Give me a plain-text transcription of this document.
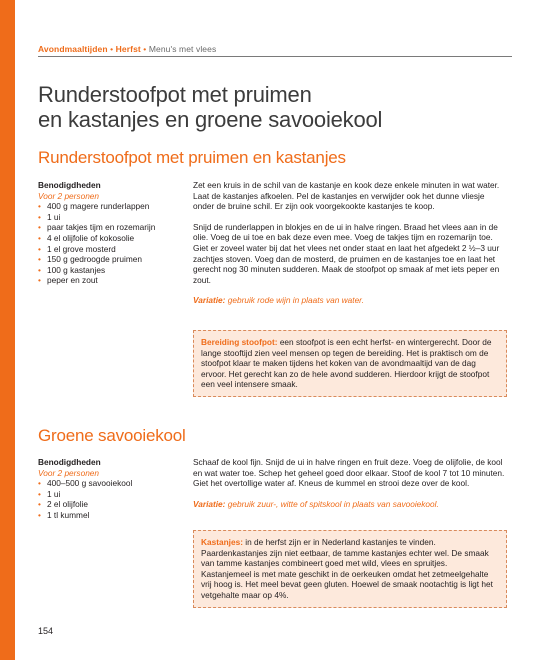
Avondmaaltijden • Herfst • Menu's met vlees
Runderstoofpot met pruimen
en kastanjes en groene savooiekool
Runderstoofpot met pruimen en kastanjes
Benodigdheden
Voor 2 personen
• 400 g magere runderlappen
• 1 ui
• paar takjes tijm en rozemarijn
• 4 el olijfolie of kokosolie
• 1 el grove mosterd
• 150 g gedroogde pruimen
• 100 g kastanjes
• peper en zout

Zet een kruis in de schil van de kastanje en kook deze enkele minuten in wat water. Laat de kastanjes afkoelen. Pel de kastanjes en verwijder ook het dunne vliesje onder de bruine schil. Er zijn ook voorgekookte kastanjes te koop.

Snijd de runderlappen in blokjes en de ui in halve ringen. Braad het vlees aan in de olie. Voeg de ui toe en bak deze even mee. Voeg de takjes tijm en rozemarijn toe. Giet er zoveel water bij dat het vlees net onder staat en laat het afgedekt 2 ½–3 uur zachtjes stoven. Voeg dan de mosterd, de pruimen en de kastanjes toe en laat het gerecht nog 30 minuten sudderen. Maak de stoofpot op smaak af met iets peper en zout.

Variatie: gebruik rode wijn in plaats van water.

Bereiding stoofpot: een stoofpot is een echt herfst- en wintergerecht. Door de lange stooftijd zien veel mensen op tegen de bereiding. Het is praktisch om de stoofpot klaar te maken tijdens het koken van de avondmaaltijd van de dag ervoor. Het gerecht kan zo de hele avond sudderen. Hierdoor krijgt de stoofpot een veel intensere smaak.
Groene savooiekool
Benodigdheden
Voor 2 personen
• 400–500 g savooiekool
• 1 ui
• 2 el olijfolie
• 1 tl kummel

Schaaf de kool fijn. Snijd de ui in halve ringen en fruit deze. Voeg de olijfolie, de kool en wat water toe. Schep het geheel goed door elkaar. Stoof de kool 7 tot 10 minuten. Giet het overtollige water af. Kneus de kummel en strooi deze over de kool.

Variatie: gebruik zuur-, witte of spitskool in plaats van savooiekool.

Kastanjes: in de herfst zijn er in Nederland kastanjes te vinden. Paardenkastanjes zijn niet eetbaar, de tamme kastanjes echter wel. De smaak van tamme kastanjes combineert goed met wild, vlees en spruitjes. Kastanjemeel is met mate geschikt in de oerkeuken omdat het zetmeelgehalte vrij hoog is. Het meel bevat geen gluten. Hoewel de smaak nootachtig is ligt het vetgehalte maar op 4%.
154
